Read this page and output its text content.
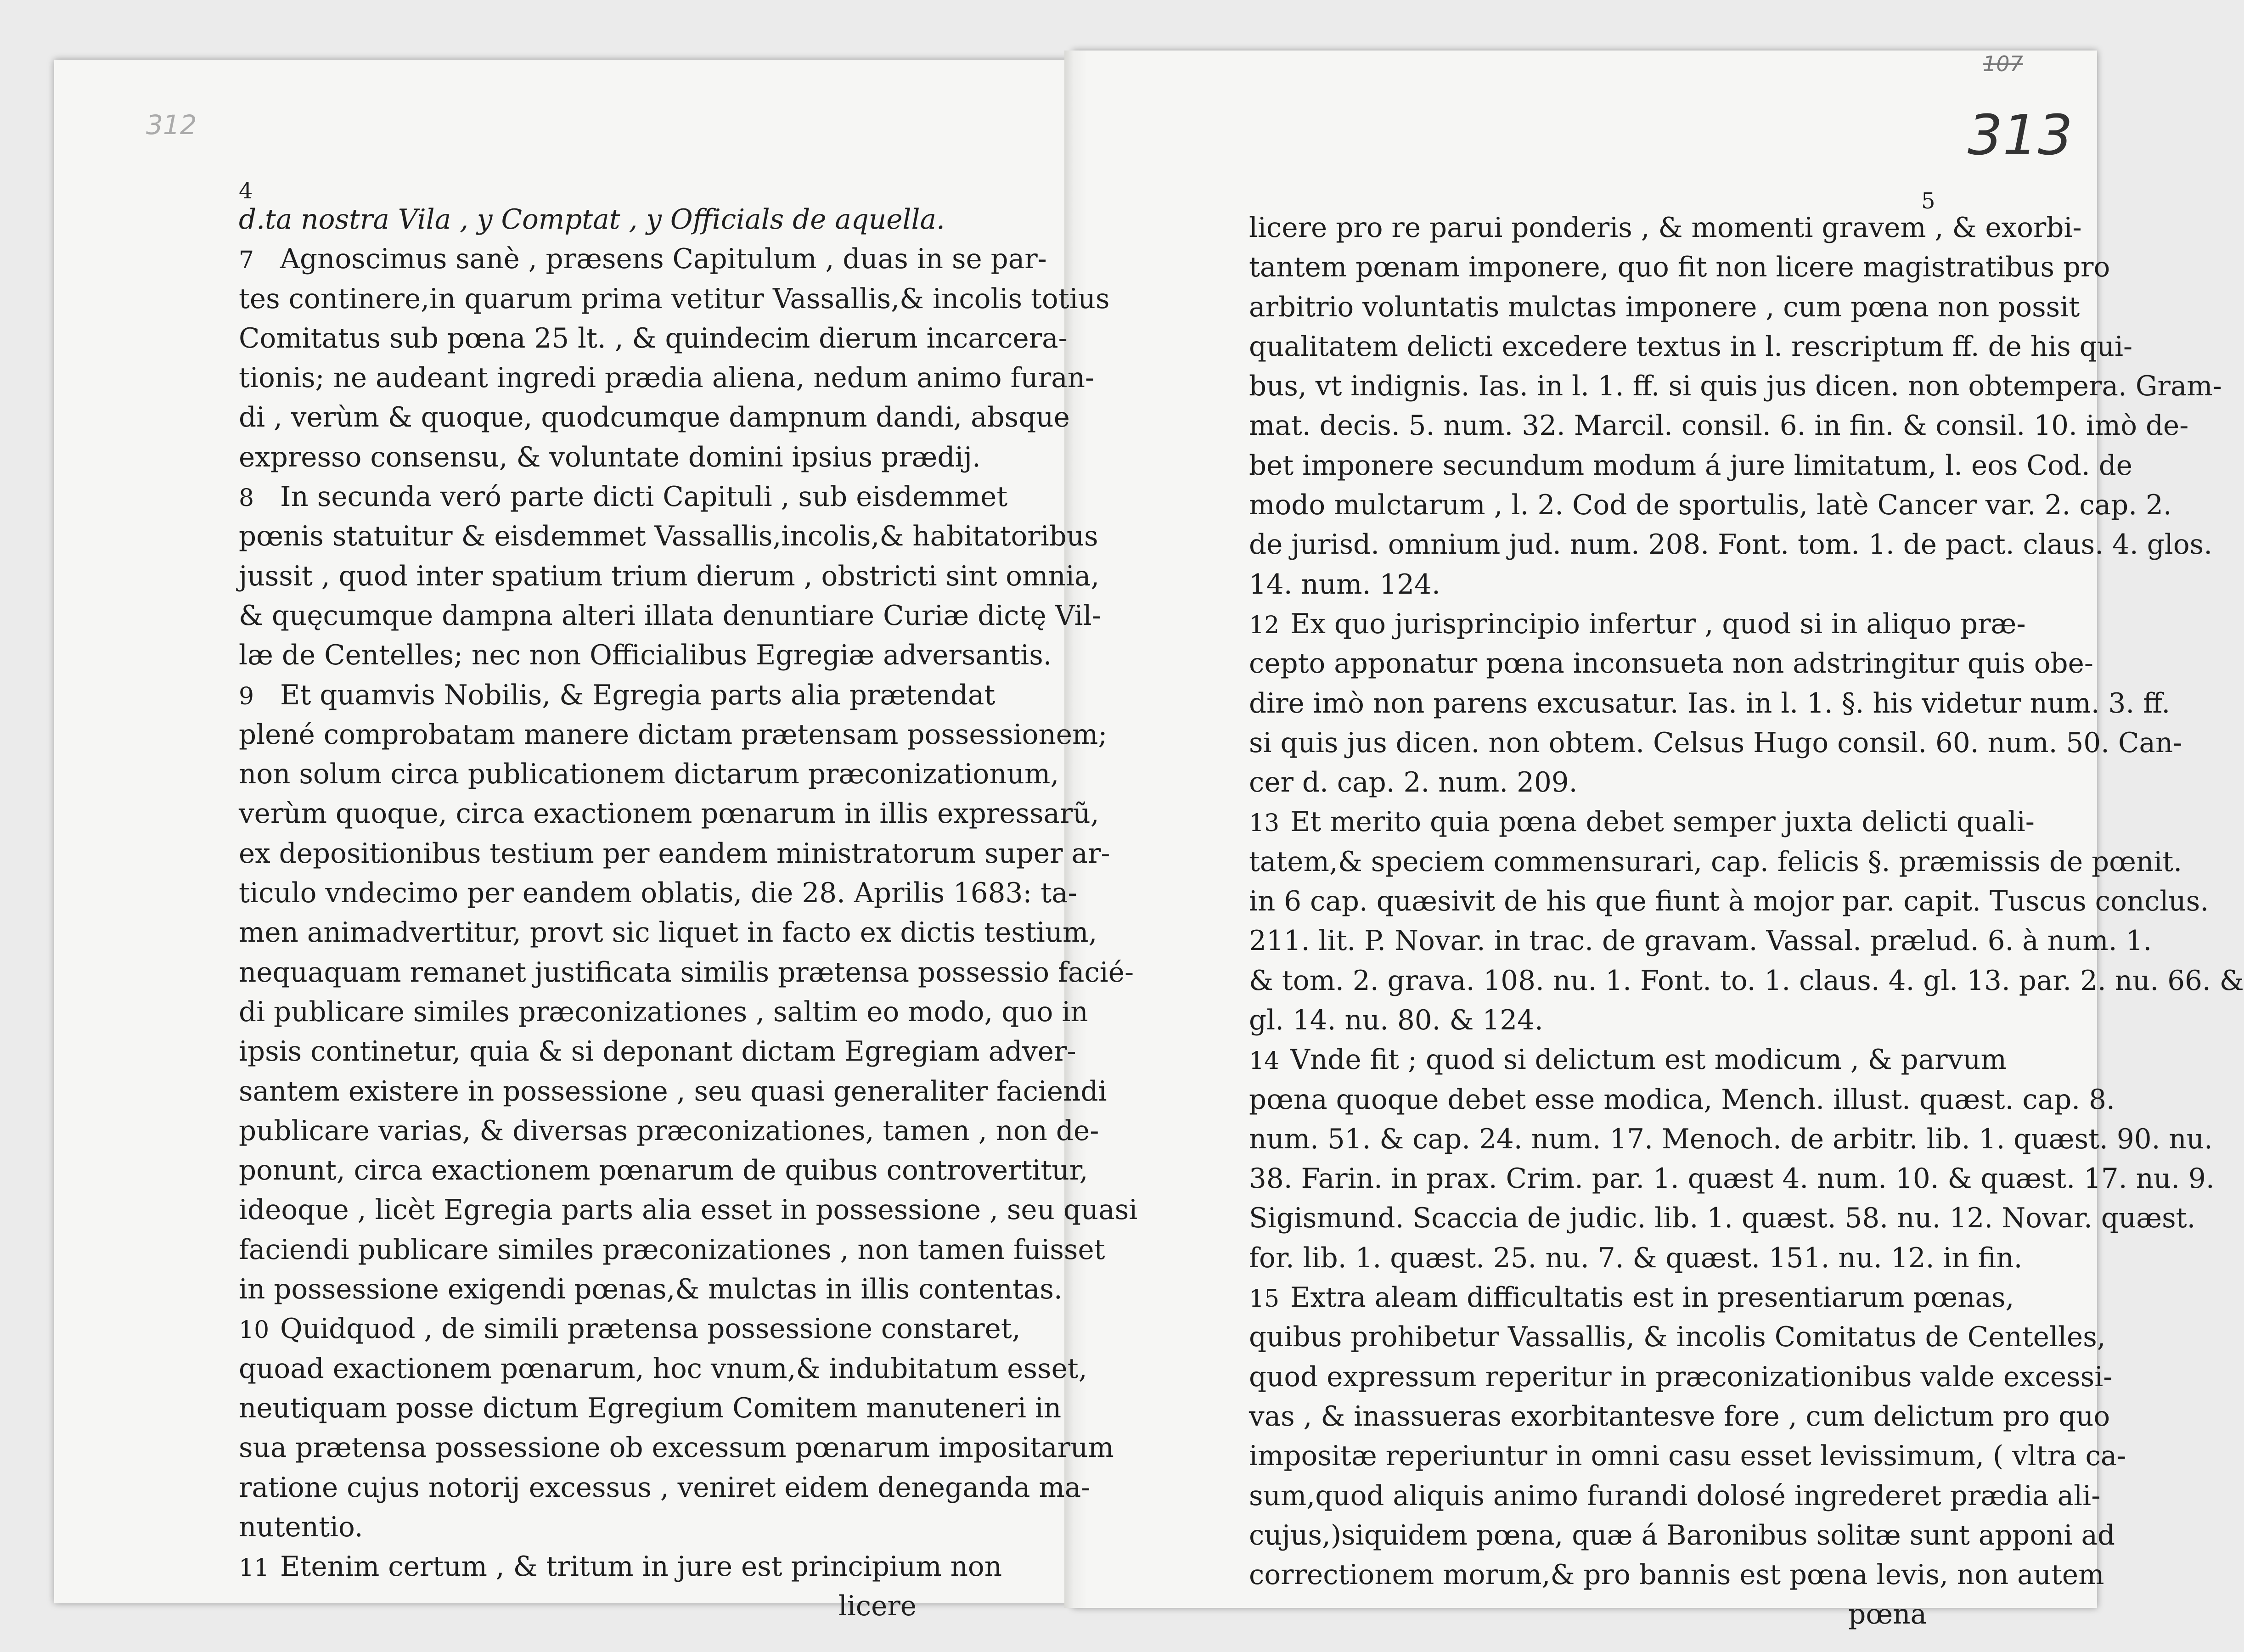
312
107
313
4	5
d.ta nostra Vila , y Comptat , y Officials de aquella.
7 Agnoscimus sanè , præsens Capitulum , duas in se par-
tes continere,in quarum prima vetitur Vassallis,& incolis totius
Comitatus sub pœna 25 lt. , & quindecim dierum incarcera-
tionis; ne audeant ingredi prædia aliena, nedum animo furan-
di , verùm & quoque, quodcumque dampnum dandi, absque
expresso consensu, & voluntate domini ipsius prædij.
8 In secunda veró parte dicti Capituli , sub eisdemmet
pœnis statuitur & eisdemmet Vassallis,incolis,& habitatoribus
jussit , quod inter spatium trium dierum , obstricti sint omnia,
& quęcumque dampna alteri illata denuntiare Curiæ dictę Vil-
læ de Centelles; nec non Officialibus Egregiæ adversantis.
9 Et quamvis Nobilis, & Egregia parts alia prætendat
plené comprobatam manere dictam prætensam possessionem;
non solum circa publicationem dictarum præconizationum,
verùm quoque, circa exactionem pœnarum in illis expressarũ,
ex depositionibus testium per eandem ministratorum super ar-
ticulo vndecimo per eandem oblatis, die 28. Aprilis 1683: ta-
men animadvertitur, provt sic liquet in facto ex dictis testium,
nequaquam remanet justificata similis prætensa possessio facié-
di publicare similes præconizationes , saltim eo modo, quo in
ipsis continetur, quia & si deponant dictam Egregiam adver-
santem existere in possessione , seu quasi generaliter faciendi
publicare varias, & diversas præconizationes, tamen , non de-
ponunt, circa exactionem pœnarum de quibus controvertitur,
ideoque , licèt Egregia parts alia esset in possessione , seu quasi
faciendi publicare similes præconizationes , non tamen fuisset
in possessione exigendi pœnas,& mulctas in illis contentas.
10 Quidquod , de simili prætensa possessione constaret,
quoad exactionem pœnarum, hoc vnum,& indubitatum esset,
neutiquam posse dictum Egregium Comitem manuteneri in
sua prætensa possessione ob excessum pœnarum impositarum
ratione cujus notorij excessus , veniret eidem deneganda ma-
nutentio.
11 Etenim certum , & tritum in jure est principium non
licere
licere pro re parui ponderis , & momenti gravem , & exorbi-
tantem pœnam imponere, quo fit non licere magistratibus pro
arbitrio voluntatis mulctas imponere , cum pœna non possit
qualitatem delicti excedere textus in l. rescriptum ff. de his qui-
bus, vt indignis. Ias. in l. 1. ff. si quis jus dicen. non obtempera. Gram-
mat. decis. 5. num. 32. Marcil. consil. 6. in fin. & consil. 10. imò de-
bet imponere secundum modum á jure limitatum, l. eos Cod. de
modo mulctarum , l. 2. Cod de sportulis, latè Cancer var. 2. cap. 2.
de jurisd. omnium jud. num. 208. Font. tom. 1. de pact. claus. 4. glos.
14. num. 124.
12 Ex quo jurisprincipio infertur , quod si in aliquo præ-
cepto apponatur pœna inconsueta non adstringitur quis obe-
dire imò non parens excusatur. Ias. in l. 1. §. his videtur num. 3. ff.
si quis jus dicen. non obtem. Celsus Hugo consil. 60. num. 50. Can-
cer d. cap. 2. num. 209.
13 Et merito quia pœna debet semper juxta delicti quali-
tatem,& speciem commensurari, cap. felicis §. præmissis de pœnit.
in 6 cap. quæsivit de his que fiunt à mojor par. capit. Tuscus conclus.
211. lit. P. Novar. in trac. de gravam. Vassal. prælud. 6. à num. 1.
& tom. 2. grava. 108. nu. 1. Font. to. 1. claus. 4. gl. 13. par. 2. nu. 66. &
gl. 14. nu. 80. & 124.
14 Vnde fit ; quod si delictum est modicum , & parvum
pœna quoque debet esse modica, Mench. illust. quæst. cap. 8.
num. 51. & cap. 24. num. 17. Menoch. de arbitr. lib. 1. quæst. 90. nu.
38. Farin. in prax. Crim. par. 1. quæst 4. num. 10. & quæst. 17. nu. 9.
Sigismund. Scaccia de judic. lib. 1. quæst. 58. nu. 12. Novar. quæst.
for. lib. 1. quæst. 25. nu. 7. & quæst. 151. nu. 12. in fin.
15 Extra aleam difficultatis est in presentiarum pœnas,
quibus prohibetur Vassallis, & incolis Comitatus de Centelles,
quod expressum reperitur in præconizationibus valde excessi-
vas , & inassueras exorbitantesve fore , cum delictum pro quo
impositæ reperiuntur in omni casu esset levissimum, ( vltra ca-
sum,quod aliquis animo furandi dolosé ingrederet prædia ali-
cujus,)siquidem pœna, quæ á Baronibus solitæ sunt apponi ad
correctionem morum,& pro bannis est pœna levis, non autem
pœna
